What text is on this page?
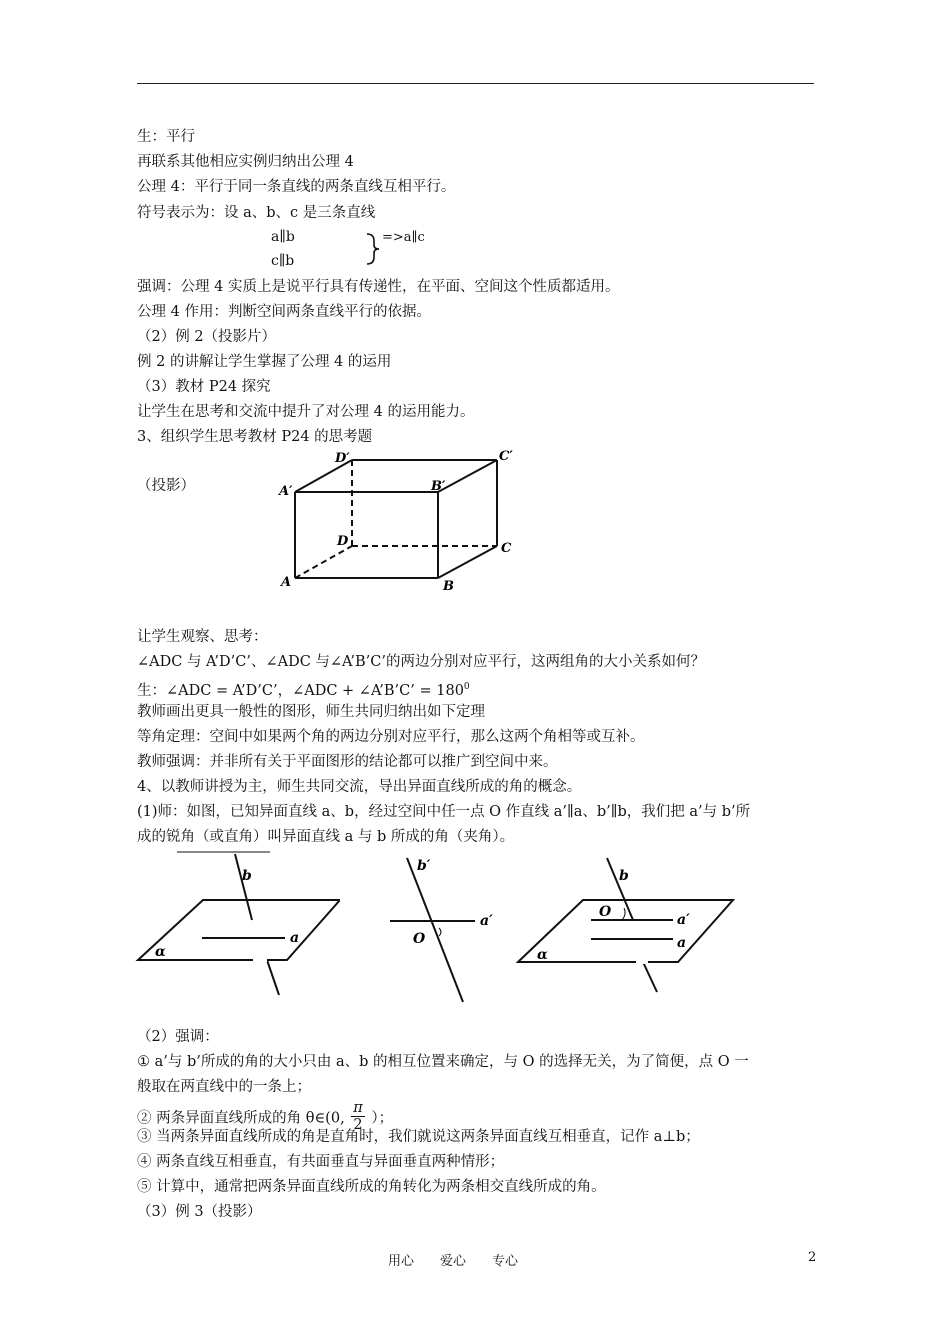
生：平行
再联系其他相应实例归纳出公理 4
公理 4：平行于同一条直线的两条直线互相平行。
符号表示为：设 a、b、c 是三条直线
a∥b
c∥b
=>a∥c
强调：公理 4 实质上是说平行具有传递性，在平面、空间这个性质都适用。
公理 4 作用：判断空间两条直线平行的依据。
（2）例 2（投影片）
例 2 的讲解让学生掌握了公理 4 的运用
（3）教材 P24 探究
让学生在思考和交流中提升了对公理 4 的运用能力。
3、组织学生思考教材 P24 的思考题
（投影）
D′	C′
A′	B′
D	C
A	B
让学生观察、思考：
∠ADC 与 A’D’C’、∠ADC 与∠A’B’C’的两边分别对应平行，这两组角的大小关系如何？
生：∠ADC = A’D’C’，∠ADC + ∠A’B’C’ = $180^0$
教师画出更具一般性的图形，师生共同归纳出如下定理
等角定理：空间中如果两个角的两边分别对应平行，那么这两个角相等或互补。
教师强调：并非所有关于平面图形的结论都可以推广到空间中来。
4、以教师讲授为主，师生共同交流，导出异面直线所成的角的概念。
(1)师：如图，已知异面直线 a、b，经过空间中任一点 O 作直线 a’∥a、b’∥b，我们把 a’与 b’所
成的锐角（或直角）叫异面直线 a 与 b 所成的角（夹角）。
b
a
α
b′
a′
O
b
O	a′
a
α
（2）强调：
① a’与 b’所成的角的大小只由 a、b 的相互位置来确定，与 O 的选择无关，为了简便，点 O 一
般取在两直线中的一条上；
② 两条异面直线所成的角 θ∈(0, $\frac{\pi}{2}$ ）；
③ 当两条异面直线所成的角是直角时，我们就说这两条异面直线互相垂直，记作 a⊥b；
④ 两条直线互相垂直，有共面垂直与异面垂直两种情形；
⑤ 计算中，通常把两条异面直线所成的角转化为两条相交直线所成的角。
（3）例 3（投影）
用心　　爱心　　专心	2
